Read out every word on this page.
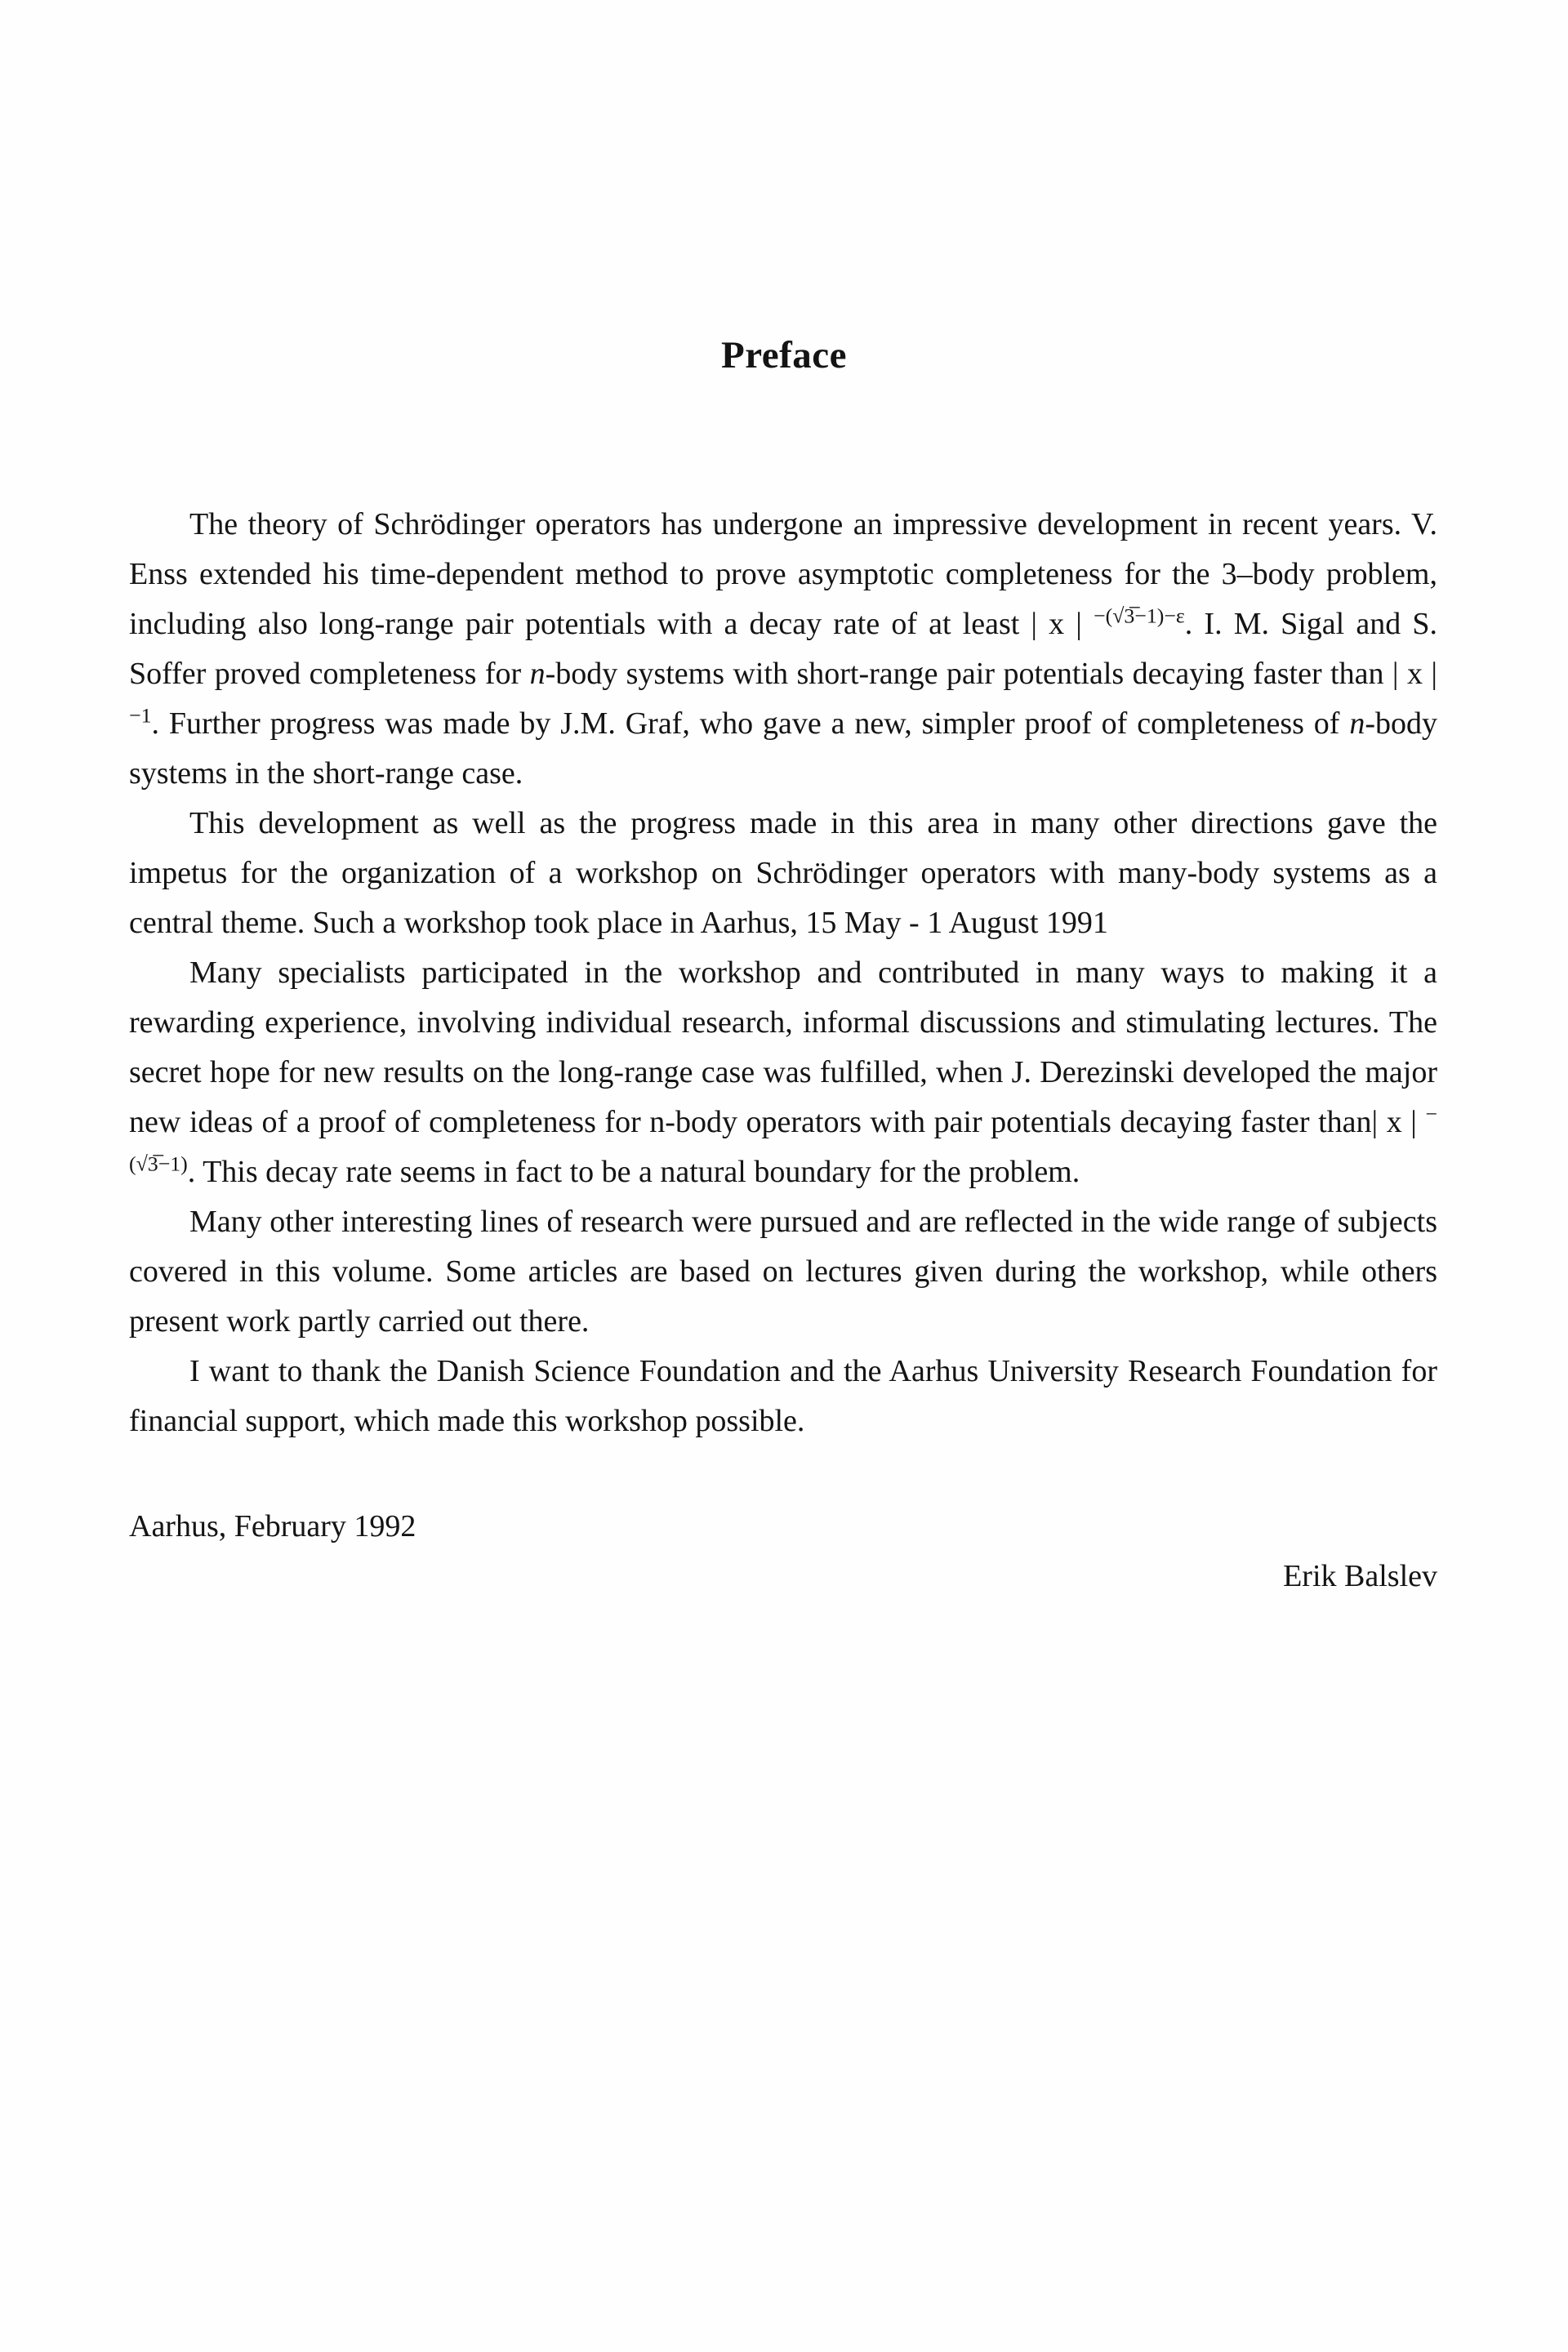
Preface

The theory of Schrödinger operators has undergone an impressive development in recent years. V. Enss extended his time-dependent method to prove asymptotic completeness for the 3–body problem, including also long-range pair potentials with a decay rate of at least | x | $^{-(√3̅-1)-\varepsilon}$. I. M. Sigal and S. Soffer proved completeness for n-body systems with short-range pair potentials decaying faster than | x | $^{-1}$. Further progress was made by J.M. Graf, who gave a new, simpler proof of completeness of n-body systems in the short-range case.

This development as well as the progress made in this area in many other directions gave the impetus for the organization of a workshop on Schrödinger operators with many-body systems as a central theme. Such a workshop took place in Aarhus, 15 May - 1 August 1991

Many specialists participated in the workshop and contributed in many ways to making it a rewarding experience, involving individual research, informal discussions and stimulating lectures. The secret hope for new results on the long-range case was fulfilled, when J. Derezinski developed the major new ideas of a proof of completeness for n-body operators with pair potentials decaying faster than| x | $^{-(√3̅-1)}$. This decay rate seems in fact to be a natural boundary for the problem.

Many other interesting lines of research were pursued and are reflected in the wide range of subjects covered in this volume. Some articles are based on lectures given during the workshop, while others present work partly carried out there.

I want to thank the Danish Science Foundation and the Aarhus University Research Foundation for financial support, which made this workshop possible.

Aarhus, February 1992

Erik Balslev
